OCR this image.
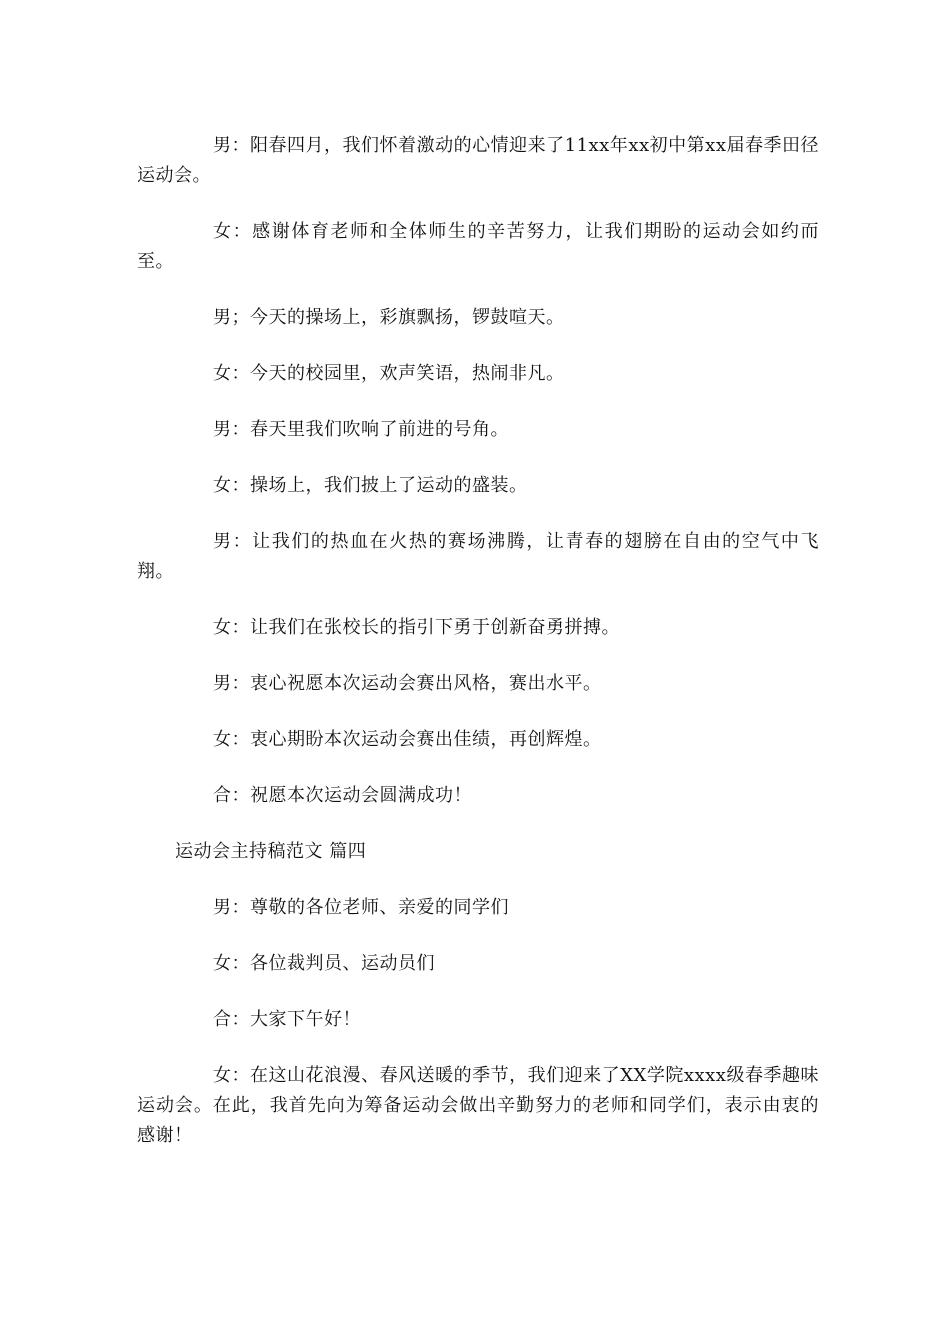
男：阳春四月，我们怀着激动的心情迎来了11xx年xx初中第xx届春季田径运动会。

女：感谢体育老师和全体师生的辛苦努力，让我们期盼的运动会如约而至。

男；今天的操场上，彩旗飘扬，锣鼓喧天。

女：今天的校园里，欢声笑语，热闹非凡。

男：春天里我们吹响了前进的号角。

女：操场上，我们披上了运动的盛装。

男：让我们的热血在火热的赛场沸腾，让青春的翅膀在自由的空气中飞翔。

女：让我们在张校长的指引下勇于创新奋勇拼搏。

男：衷心祝愿本次运动会赛出风格，赛出水平。

女：衷心期盼本次运动会赛出佳绩，再创辉煌。

合：祝愿本次运动会圆满成功！

运动会主持稿范文 篇四

男：尊敬的各位老师、亲爱的同学们

女：各位裁判员、运动员们

合：大家下午好！

女：在这山花浪漫、春风送暖的季节，我们迎来了XX学院xxxx级春季趣味运动会。在此，我首先向为筹备运动会做出辛勤努力的老师和同学们，表示由衷的感谢！
